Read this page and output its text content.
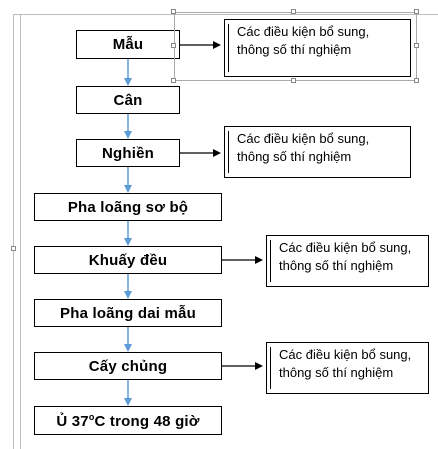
Mẫu
Cân
Nghiền
Pha loãng sơ bộ
Khuấy đều
Pha loãng dai mẫu
Cấy chủng
Ủ 37$^o$C trong 48 giờ
Các điều kiện bổ sung, thông số thí nghiệm
Các điều kiện bổ sung, thông số thí nghiệm
Các điều kiện bổ sung, thông số thí nghiệm
Các điều kiện bổ sung, thông số thí nghiệm
